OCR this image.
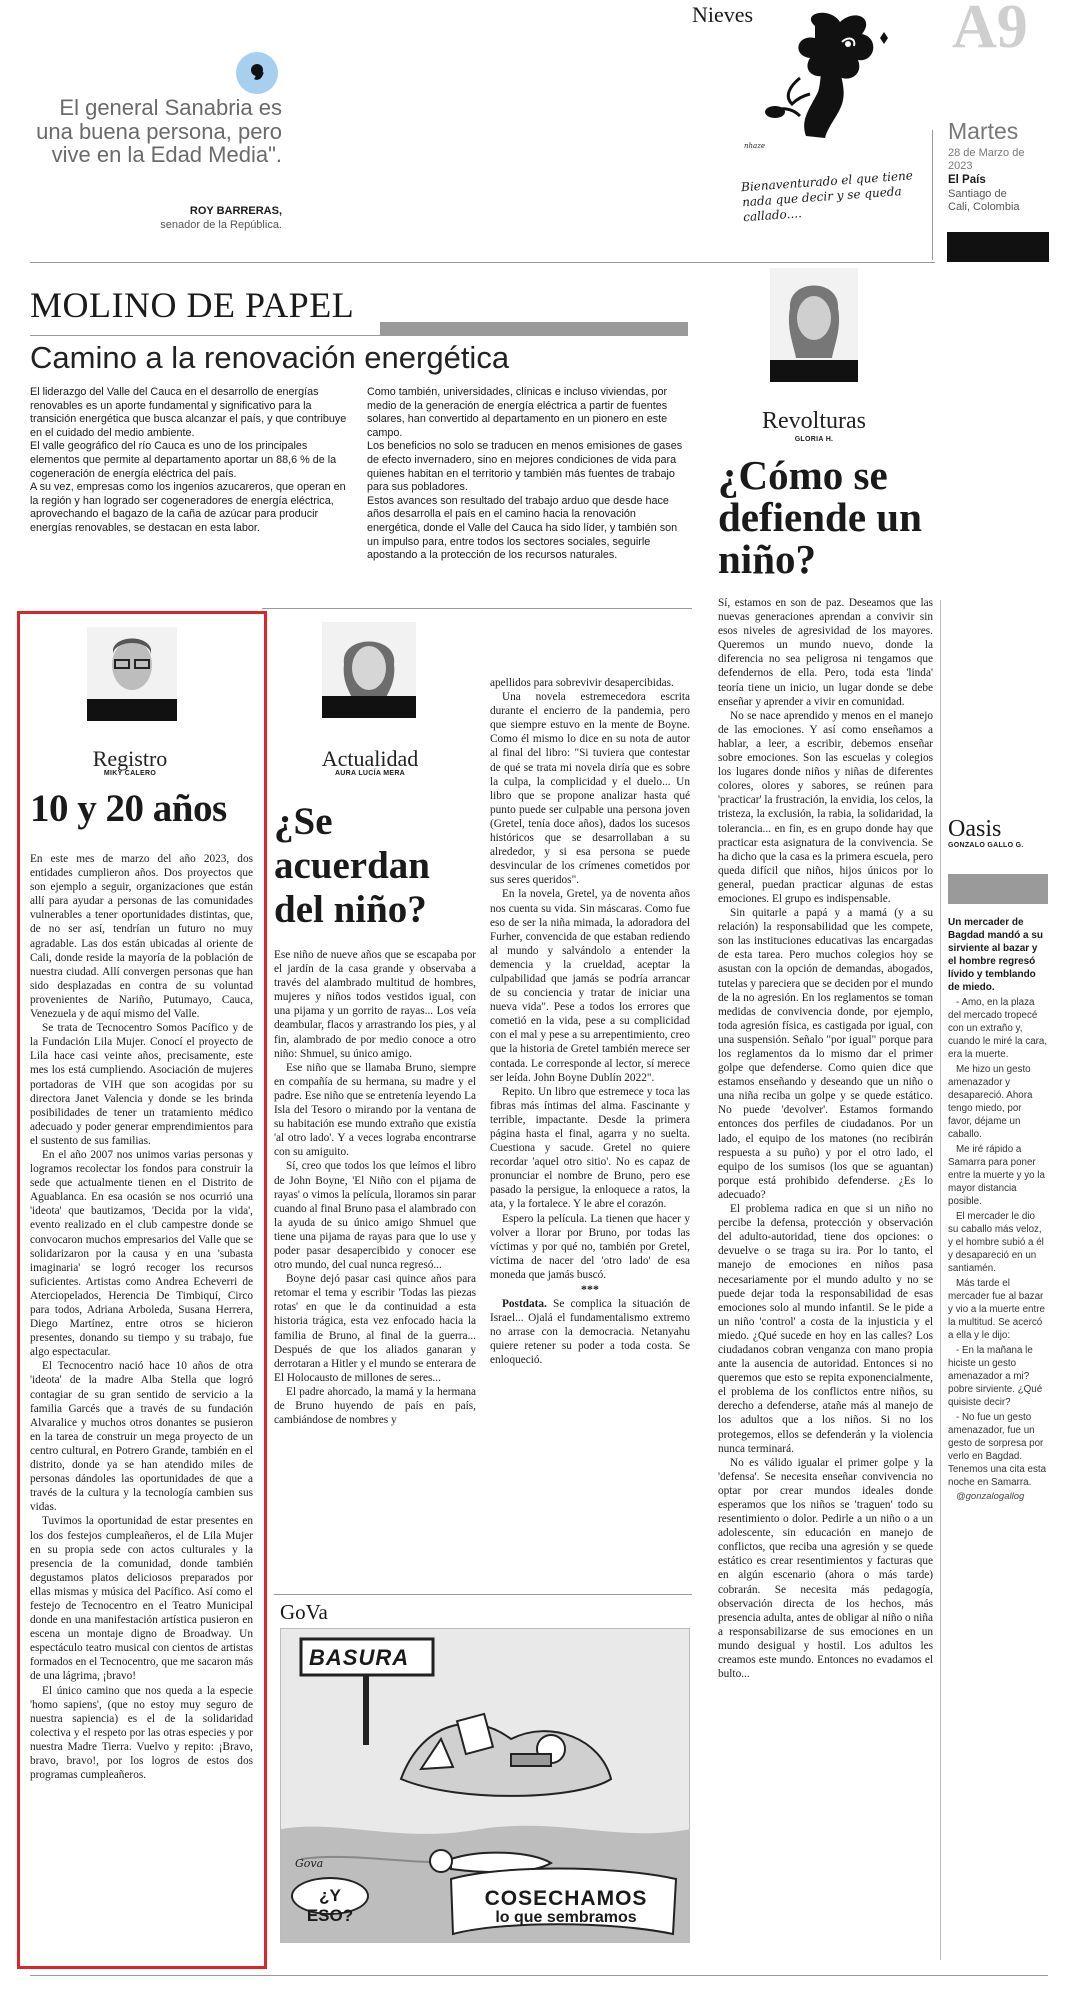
El general Sanabria es una buena persona, pero vive en la Edad Media".
ROY BARRERAS,
senador de la República.
Nieves
nhaze
Bienaventurado el que tiene nada que decir y se queda callado....
A9
Martes
28 de Marzo de 2023
El País
Santiago de Cali, Colombia
MOLINO DE PAPEL
Camino a la renovación energética

El liderazgo del Valle del Cauca en el desarrollo de energías renovables es un aporte fundamental y significativo para la transición energética que busca alcanzar el país, y que contribuye en el cuidado del medio ambiente.

El valle geográfico del río Cauca es uno de los principales elementos que permite al departamento aportar un 88,6 % de la cogeneración de energía eléctrica del país.

A su vez, empresas como los ingenios azucareros, que operan en la región y han logrado ser cogeneradores de energía eléctrica, aprovechando el bagazo de la caña de azúcar para producir energías renovables, se destacan en esta labor.

Como también, universidades, clínicas e incluso viviendas, por medio de la generación de energía eléctrica a partir de fuentes solares, han convertido al departamento en un pionero en este campo.

Los beneficios no solo se traducen en menos emisiones de gases de efecto invernadero, sino en mejores condiciones de vida para quienes habitan en el territorio y también más fuentes de trabajo para sus pobladores.

Estos avances son resultado del trabajo arduo que desde hace años desarrolla el país en el camino hacia la renovación energética, donde el Valle del Cauca ha sido líder, y también son un impulso para, entre todos los sectores sociales, seguirle apostando a la protección de los recursos naturales.

Revolturas
GLORIA H.
¿Cómo se defiende un niño?
Registro
MIKY CALERO
10 y 20 años

En este mes de marzo del año 2023, dos entidades cumplieron años. Dos proyectos que son ejemplo a seguir, organizaciones que están allí para ayudar a personas de las comunidades vulnerables a tener oportunidades distintas, que, de no ser así, tendrían un futuro no muy agradable. Las dos están ubicadas al oriente de Cali, donde reside la mayoría de la población de nuestra ciudad. Allí convergen personas que han sido desplazadas en contra de su voluntad provenientes de Nariño, Putumayo, Cauca, Venezuela y de aquí mismo del Valle.

Se trata de Tecnocentro Somos Pacífico y de la Fundación Lila Mujer. Conocí el proyecto de Lila hace casi veinte años, precisamente, este mes los está cumpliendo. Asociación de mujeres portadoras de VIH que son acogidas por su directora Janet Valencia y donde se les brinda posibilidades de tener un tratamiento médico adecuado y poder generar emprendimientos para el sustento de sus familias.

En el año 2007 nos unimos varias personas y logramos recolectar los fondos para construir la sede que actualmente tienen en el Distrito de Aguablanca. En esa ocasión se nos ocurrió una 'ideota' que bautizamos, 'Decida por la vida', evento realizado en el club campestre donde se convocaron muchos empresarios del Valle que se solidarizaron por la causa y en una 'subasta imaginaria' se logró recoger los recursos suficientes. Artistas como Andrea Echeverri de Aterciopelados, Herencia De Timbiquí, Circo para todos, Adriana Arboleda, Susana Herrera, Diego Martínez, entre otros se hicieron presentes, donando su tiempo y su trabajo, fue algo espectacular.

El Tecnocentro nació hace 10 años de otra 'ideota' de la madre Alba Stella que logró contagiar de su gran sentido de servicio a la familia Garcés que a través de su fundación Alvaralice y muchos otros donantes se pusieron en la tarea de construir un mega proyecto de un centro cultural, en Potrero Grande, también en el distrito, donde ya se han atendido miles de personas dándoles las oportunidades de que a través de la cultura y la tecnología cambien sus vidas.

Tuvimos la oportunidad de estar presentes en los dos festejos cumpleañeros, el de Lila Mujer en su propia sede con actos culturales y la presencia de la comunidad, donde también degustamos platos deliciosos preparados por ellas mismas y música del Pacífico. Así como el festejo de Tecnocentro en el Teatro Municipal donde en una manifestación artística pusieron en escena un montaje digno de Broadway. Un espectáculo teatro musical con cientos de artistas formados en el Tecnocentro, que me sacaron más de una lágrima, ¡bravo!

El único camino que nos queda a la especie 'homo sapiens', (que no estoy muy seguro de nuestra sapiencia) es el de la solidaridad colectiva y el respeto por las otras especies y por nuestra Madre Tierra. Vuelvo y repito: ¡Bravo, bravo, bravo!, por los logros de estos dos programas cumpleañeros.

Actualidad
AURA LUCÍA MERA
¿Se acuerdan del niño?

Ese niño de nueve años que se escapaba por el jardín de la casa grande y observaba a través del alambrado multitud de hombres, mujeres y niños todos vestidos igual, con una pijama y un gorrito de rayas... Los veía deambular, flacos y arrastrando los pies, y al fin, alambrado de por medio conoce a otro niño: Shmuel, su único amigo.

Ese niño que se llamaba Bruno, siempre en compañía de su hermana, su madre y el padre. Ese niño que se entretenía leyendo La Isla del Tesoro o mirando por la ventana de su habitación ese mundo extraño que existía 'al otro lado'. Y a veces lograba encontrarse con su amiguito.

Sí, creo que todos los que leímos el libro de John Boyne, 'El Niño con el pijama de rayas' o vimos la película, lloramos sin parar cuando al final Bruno pasa el alambrado con la ayuda de su único amigo Shmuel que tiene una pijama de rayas para que lo use y poder pasar desapercibido y conocer ese otro mundo, del cual nunca regresó...

Boyne dejó pasar casi quince años para retomar el tema y escribir 'Todas las piezas rotas' en que le da continuidad a esta historia trágica, esta vez enfocado hacia la familia de Bruno, al final de la guerra... Después de que los aliados ganaran y derrotaran a Hitler y el mundo se enterara de El Holocausto de millones de seres...

El padre ahorcado, la mamá y la hermana de Bruno huyendo de país en país, cambiándose de nombres y

apellidos para sobrevivir desapercibidas.

Una novela estremecedora escrita durante el encierro de la pandemia, pero que siempre estuvo en la mente de Boyne. Como él mismo lo dice en su nota de autor al final del libro: "Si tuviera que contestar de qué se trata mi novela diría que es sobre la culpa, la complicidad y el duelo... Un libro que se propone analizar hasta qué punto puede ser culpable una persona joven (Gretel, tenía doce años), dados los sucesos históricos que se desarrollaban a su alrededor, y si esa persona se puede desvincular de los crímenes cometidos por sus seres queridos".

En la novela, Gretel, ya de noventa años nos cuenta su vida. Sin máscaras. Como fue eso de ser la niña mimada, la adoradora del Furher, convencida de que estaban rediendo al mundo y salvándolo a entender la demencia y la crueldad, aceptar la culpabilidad que jamás se podría arrancar de su conciencia y tratar de iniciar una nueva vida". Pese a todos los errores que cometió en la vida, pese a su complicidad con el mal y pese a su arrepentimiento, creo que la historia de Gretel también merece ser contada. Le corresponde al lector, sí merece ser leída. John Boyne Dublín 2022".

Repito. Un libro que estremece y toca las fibras más íntimas del alma. Fascinante y terrible, impactante. Desde la primera página hasta el final, agarra y no suelta. Cuestiona y sacude. Gretel no quiere recordar 'aquel otro sitio'. No es capaz de pronunciar el nombre de Bruno, pero ese pasado la persigue, la enloquece a ratos, la ata, y la fortalece. Y le abre el corazón.

Espero la película. La tienen que hacer y volver a llorar por Bruno, por todas las víctimas y por qué no, también por Gretel, víctima de nacer del 'otro lado' de esa moneda que jamás buscó.

***

Postdata. Se complica la situación de Israel... Ojalá el fundamentalismo extremo no arrase con la democracia. Netanyahu quiere retener su poder a toda costa. Se enloqueció.

GoVa
BASURA
¿Y ESO?
COSECHAMOS
lo que sembramos
Gova

Sí, estamos en son de paz. Deseamos que las nuevas generaciones aprendan a convivir sin esos niveles de agresividad de los mayores. Queremos un mundo nuevo, donde la diferencia no sea peligrosa ni tengamos que defendernos de ella. Pero, toda esta 'linda' teoría tiene un inicio, un lugar donde se debe enseñar y aprender a vivir en comunidad.

No se nace aprendido y menos en el manejo de las emociones. Y así como enseñamos a hablar, a leer, a escribir, debemos enseñar sobre emociones. Son las escuelas y colegios los lugares donde niños y niñas de diferentes colores, olores y sabores, se reúnen para 'practicar' la frustración, la envidia, los celos, la tristeza, la exclusión, la rabia, la solidaridad, la tolerancia... en fin, es en grupo donde hay que practicar esta asignatura de la convivencia. Se ha dicho que la casa es la primera escuela, pero queda difícil que niños, hijos únicos por lo general, puedan practicar algunas de estas emociones. El grupo es indispensable.

Sin quitarle a papá y a mamá (y a su relación) la responsabilidad que les compete, son las instituciones educativas las encargadas de esta tarea. Pero muchos colegios hoy se asustan con la opción de demandas, abogados, tutelas y pareciera que se deciden por el mundo de la no agresión. En los reglamentos se toman medidas de convivencia donde, por ejemplo, toda agresión física, es castigada por igual, con una suspensión. Señalo "por igual" porque para los reglamentos da lo mismo dar el primer golpe que defenderse. Como quien dice que estamos enseñando y deseando que un niño o una niña reciba un golpe y se quede estático. No puede 'devolver'. Estamos formando entonces dos perfiles de ciudadanos. Por un lado, el equipo de los matones (no recibirán respuesta a su puño) y por el otro lado, el equipo de los sumisos (los que se aguantan) porque está prohibido defenderse. ¿Es lo adecuado?

El problema radica en que si un niño no percibe la defensa, protección y observación del adulto-autoridad, tiene dos opciones: o devuelve o se traga su ira. Por lo tanto, el manejo de emociones en niños pasa necesariamente por el mundo adulto y no se puede dejar toda la responsabilidad de esas emociones solo al mundo infantil. Se le pide a un niño 'control' a costa de la injusticia y el miedo. ¿Qué sucede en hoy en las calles? Los ciudadanos cobran venganza con mano propia ante la ausencia de autoridad. Entonces si no queremos que esto se repita exponencialmente, el problema de los conflictos entre niños, su derecho a defenderse, atañe más al manejo de los adultos que a los niños. Si no los protegemos, ellos se defenderán y la violencia nunca terminará.

No es válido igualar el primer golpe y la 'defensa'. Se necesita enseñar convivencia no optar por crear mundos ideales donde esperamos que los niños se 'traguen' todo su resentimiento o dolor. Pedirle a un niño o a un adolescente, sin educación en manejo de conflictos, que reciba una agresión y se quede estático es crear resentimientos y facturas que en algún escenario (ahora o más tarde) cobrarán. Se necesita más pedagogía, observación directa de los hechos, más presencia adulta, antes de obligar al niño o niña a responsabilizarse de sus emociones en un mundo desigual y hostil. Los adultos les creamos este mundo. Entonces no evadamos el bulto...

Oasis
GONZALO GALLO G.

Un mercader de Bagdad mandó a su sirviente al bazar y el hombre regresó lívido y temblando de miedo.

- Amo, en la plaza del mercado tropecé con un extraño y, cuando le miré la cara, era la muerte.

Me hizo un gesto amenazador y desapareció. Ahora tengo miedo, por favor, déjame un caballo.

Me iré rápido a Samarra para poner entre la muerte y yo la mayor distancia posible.

El mercader le dio su caballo más veloz, y el hombre subió a él y desapareció en un santiamén.

Más tarde el mercader fue al bazar y vio a la muerte entre la multitud. Se acercó a ella y le dijo:

- En la mañana le hiciste un gesto amenazador a mi?pobre sirviente. ¿Qué quisiste decir?

- No fue un gesto amenazador, fue un gesto de sorpresa por verlo en Bagdad. Tenemos una cita esta noche en Samarra.

@gonzalogallog
